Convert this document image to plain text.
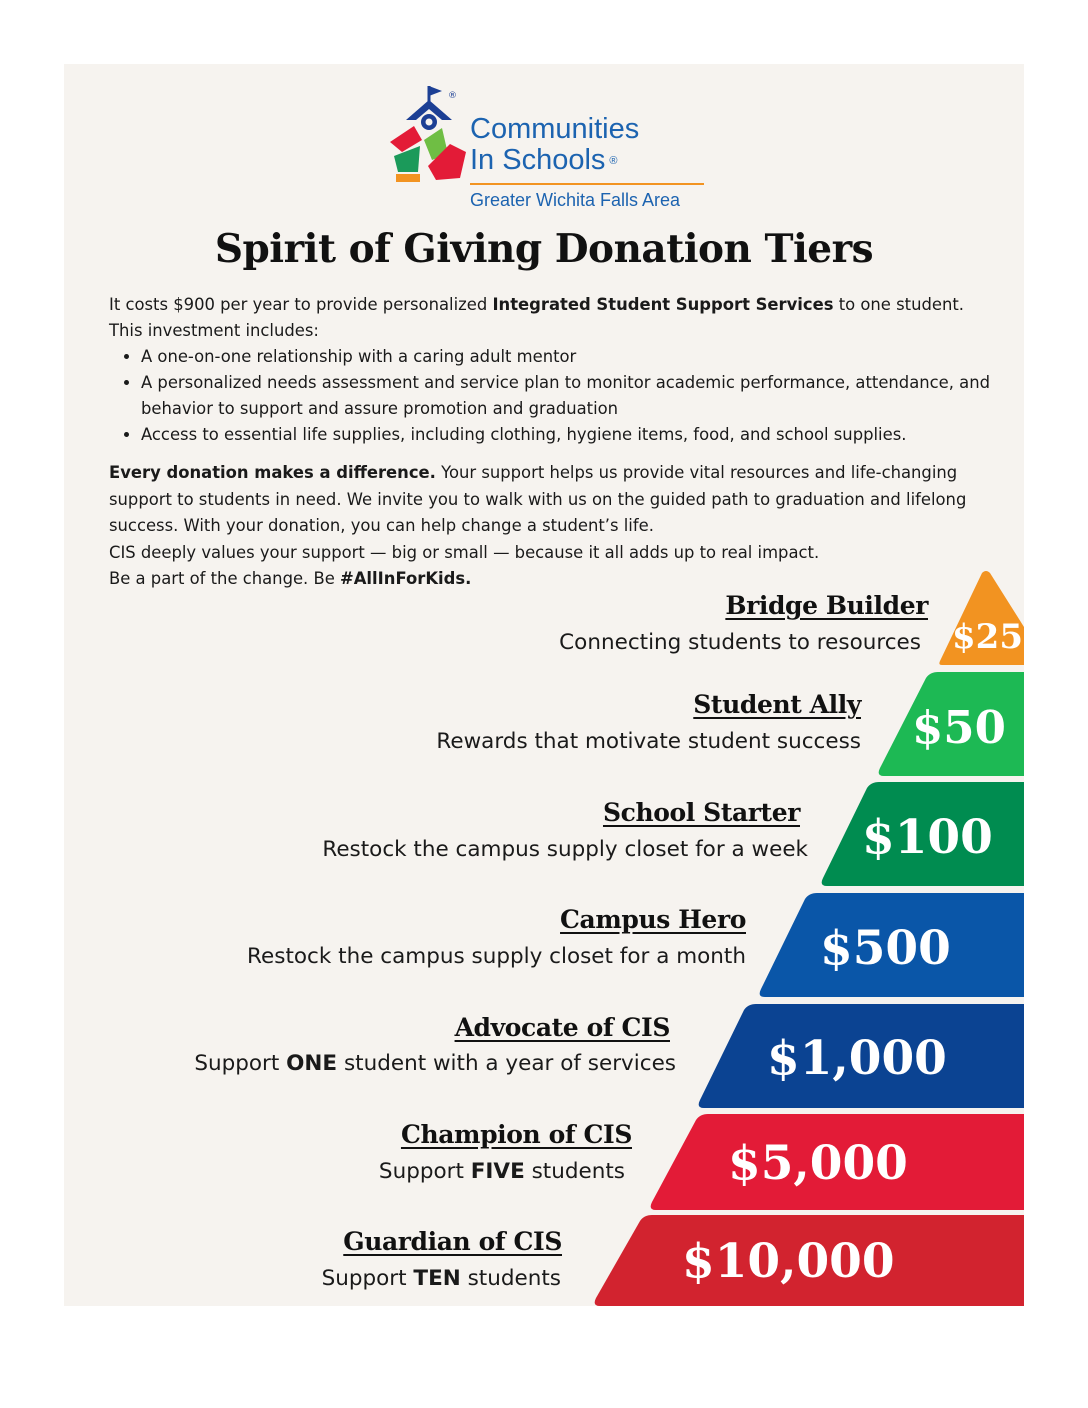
®
Communities
In Schools ®
Greater Wichita Falls Area
Spirit of Giving Donation Tiers

It costs $900 per year to provide personalized Integrated Student Support Services to one student. This investment includes:

• A one-on-one relationship with a caring adult mentor
• A personalized needs assessment and service plan to monitor academic performance, attendance, and behavior to support and assure promotion and graduation
• Access to essential life supplies, including clothing, hygiene items, food, and school supplies.

Every donation makes a difference. Your support helps us provide vital resources and life-changing support to students in need. We invite you to walk with us on the guided path to graduation and lifelong success. With your donation, you can help change a student’s life.

CIS deeply values your support — big or small — because it all adds up to real impact.

Be a part of the change. Be #AllInForKids.

Bridge Builder
Connecting students to resources $25
Student Ally
Rewards that motivate student success $50
School Starter
Restock the campus supply closet for a week $100
Campus Hero
Restock the campus supply closet for a month $500
Advocate of CIS
Support ONE student with a year of services $1,000
Champion of CIS
Support FIVE students $5,000
Guardian of CIS
Support TEN students	$10,000
